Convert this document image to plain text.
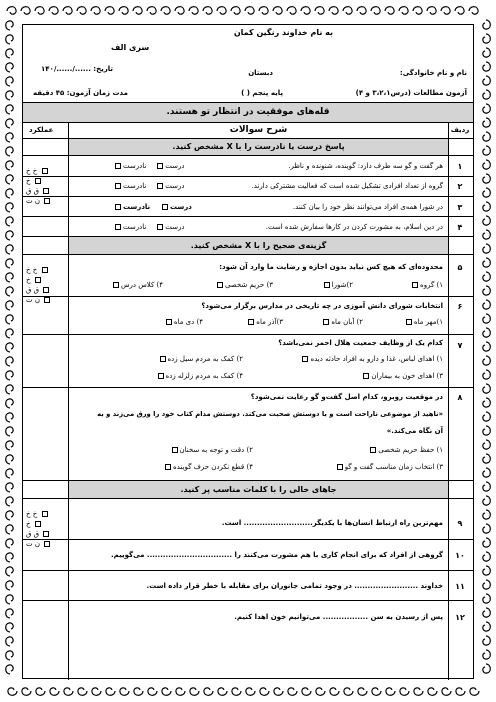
به نام خداوند رنگین کمان
سری الف
نام و نام خانوادگی:
دبستان
تاریخ: ....../....../۱۴۰
آزمون مطالعات (درس۳،۲،۱ و ۴)
پایه پنجم ( )
مدت زمان آزمون: ۴۵ دقیقه
قله‌های موفقیت در انتظار تو هستند.
ردیف
شرح سوالات
عملکرد
پاسخ درست یا نادرست را با X مشخص کنید.
۱
هر گفت و گو سه طرف دارد: گوینده، شنونده و ناظر.
درست    نادرست
۲
گروه از تعداد افرادی تشکیل شده است که فعالیت مشترکی دارند.
درست    نادرست
۳
در شورا همه‌ی افراد می‌توانند نظر خود را بیان کنند.
درست    نادرست
۴
در دین اسلام، به مشورت کردن در کارها سفارش شده است.
درست    نادرست
خ خ
خ
ق ق
ن ت
گزینه‌ی صحیح را با X مشخص کنید.
۵
محدوده‌ای که هیچ کس نباید بدون اجازه و رضایت ما وارد آن شود:
۱) گروه
۲)شورا
۳) حریم شخصی
۴) کلاس درس
۶
انتخابات شورای دانش آموزی در چه تاریخی در مدارس برگزار می‌شود؟
۱)مهر ماه
۲) آبان ماه
۳)آذر ماه
۴) دی ماه
۷
کدام یک از وظایف جمعیت هلال احمر نمی‌باشد؟
۱) اهدای لباس، غذا و دارو به افراد حادثه دیده
۲) کمک به مردم سیل زده
۳) اهدای خون به بیماران
۴) کمک به مردم زلزله زده
۸
در موقعیت روبرو، کدام اصل گفت‌و گو رعایت نمی‌شود؟
«ناهید از موضوعی ناراحت است و با دوستش صحبت می‌کند. دوستش مدام کتاب خود را ورق می‌زند و به
آن نگاه می‌کند.»
۱) حفظ حریم شخصی
۲) دقت و توجه به سخنان
۳) انتخاب زمان مناسب گفت و گو
۴) قطع نکردن حرف گوینده
خ خ
خ
ق ق
ن ت
جاهای خالی را با کلمات مناسب پر کنید.
۹
مهم‌ترین راه ارتباط انسان‌ها با یکدیگر.......................... است.
۱۰
گروهی از افراد که برای انجام کاری با هم مشورت می‌کنند را ................................ می‌گوییم.
۱۱
خداوند ........................ در وجود تمامی جانوران برای مقابله با خطر قرار داده است.
۱۲
پس از رسیدن به سن ................. می‌توانیم خون اهدا کنیم.
خ خ
خ
ق ق
ن ت
